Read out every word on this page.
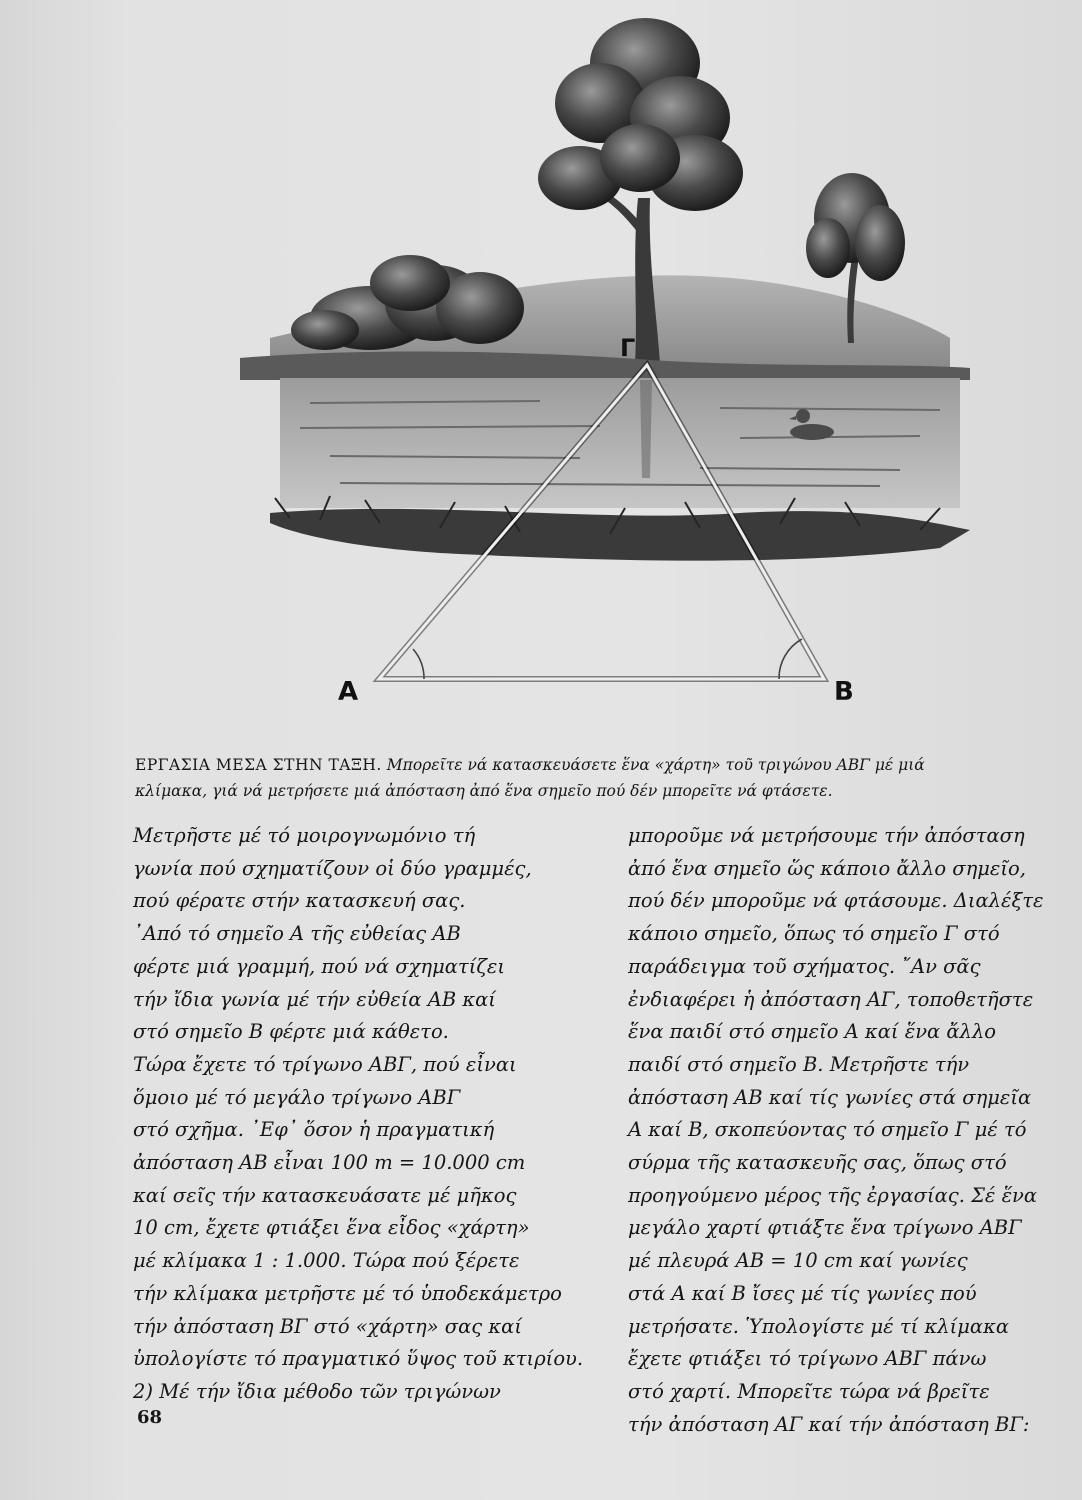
Α	Β
Γ
ΕΡΓΑΣΙΑ ΜΕΣΑ ΣΤΗΝ ΤΑΞΗ. Μπορεῖτε νά κατασκευάσετε ἕνα «χάρτη» τοῦ τριγώνου ΑΒΓ μέ μιά
κλίμακα, γιά νά μετρήσετε μιά ἀπόσταση ἀπό ἕνα σημεῖο πού δέν μπορεῖτε νά φτάσετε.

Μετρῆστε μέ τό μοιρογνωμόνιο τή

γωνία πού σχηματίζουν οἱ δύο γραμμές,

πού φέρατε στήν κατασκευή σας.

᾿Από τό σημεῖο Α τῆς εὐθείας ΑΒ

φέρτε μιά γραμμή, πού νά σχηματίζει

τήν ἴδια γωνία μέ τήν εὐθεία ΑΒ καί

στό σημεῖο Β φέρτε μιά κάθετο.

Τώρα ἔχετε τό τρίγωνο ΑΒΓ, πού εἶναι

ὅμοιο μέ τό μεγάλο τρίγωνο ΑΒΓ

στό σχῆμα. ᾿Εφ᾿ ὅσον ἡ πραγματική

ἀπόσταση ΑΒ εἶναι 100 m = 10.000 cm

καί σεῖς τήν κατασκευάσατε μέ μῆκος

10 cm, ἔχετε φτιάξει ἕνα εἶδος «χάρτη»

μέ κλίμακα 1 : 1.000. Τώρα πού ξέρετε

τήν κλίμακα μετρῆστε μέ τό ὑποδεκάμετρο

τήν ἀπόσταση ΒΓ στό «χάρτη» σας καί

ὑπολογίστε τό πραγματικό ὕψος τοῦ κτιρίου.

2) Μέ τήν ἴδια μέθοδο τῶν τριγώνων

μποροῦμε νά μετρήσουμε τήν ἀπόσταση

ἀπό ἕνα σημεῖο ὥς κάποιο ἄλλο σημεῖο,

πού δέν μποροῦμε νά φτάσουμε. Διαλέξτε

κάποιο σημεῖο, ὅπως τό σημεῖο Γ στό

παράδειγμα τοῦ σχήματος. ῎Αν σᾶς

ἐνδιαφέρει ἡ ἀπόσταση ΑΓ, τοποθετῆστε

ἕνα παιδί στό σημεῖο Α καί ἕνα ἄλλο

παιδί στό σημεῖο Β. Μετρῆστε τήν

ἀπόσταση ΑΒ καί τίς γωνίες στά σημεῖα

Α καί Β, σκοπεύοντας τό σημεῖο Γ μέ τό

σύρμα τῆς κατασκευῆς σας, ὅπως στό

προηγούμενο μέρος τῆς ἐργασίας. Σέ ἕνα

μεγάλο χαρτί φτιάξτε ἕνα τρίγωνο ΑΒΓ

μέ πλευρά ΑΒ = 10 cm καί γωνίες

στά Α καί Β ἴσες μέ τίς γωνίες πού

μετρήσατε. Ὑπολογίστε μέ τί κλίμακα

ἔχετε φτιάξει τό τρίγωνο ΑΒΓ πάνω

στό χαρτί. Μπορεῖτε τώρα νά βρεῖτε

τήν ἀπόσταση ΑΓ καί τήν ἀπόσταση ΒΓ:

68
